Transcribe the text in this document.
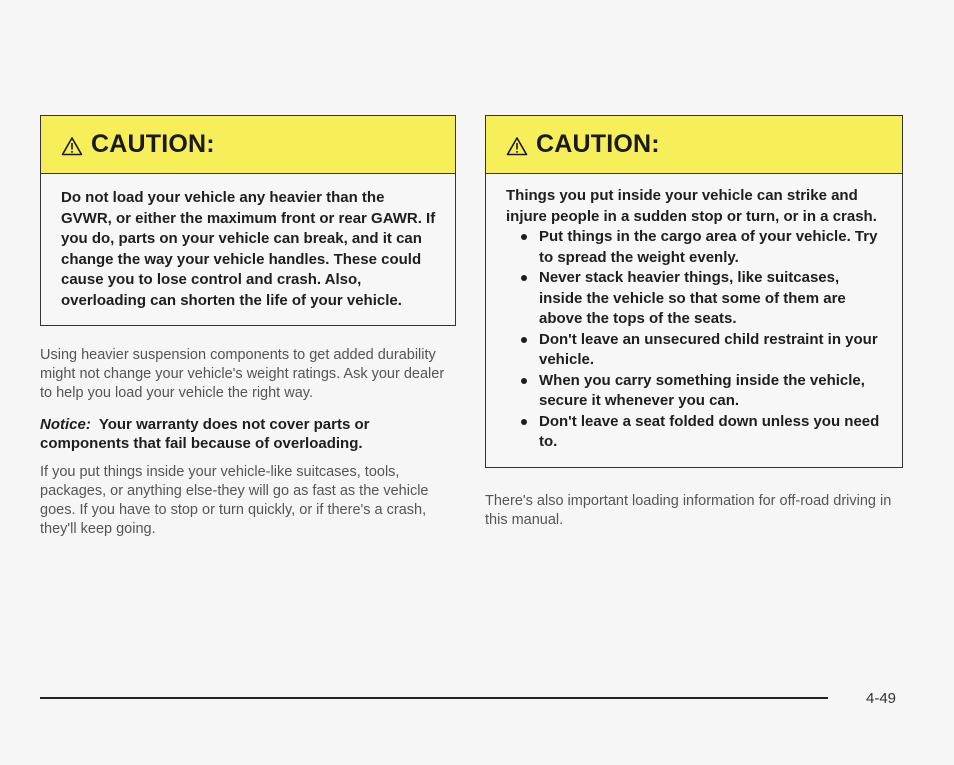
CAUTION:
Do not load your vehicle any heavier than the GVWR, or either the maximum front or rear GAWR. If you do, parts on your vehicle can break, and it can change the way your vehicle handles. These could cause you to lose control and crash. Also, overloading can shorten the life of your vehicle.

Using heavier suspension components to get added durability might not change your vehicle's weight ratings. Ask your dealer to help you load your vehicle the right way.

Notice: Your warranty does not cover parts or components that fail because of overloading.

If you put things inside your vehicle-like suitcases, tools, packages, or anything else-they will go as fast as the vehicle goes. If you have to stop or turn quickly, or if there's a crash, they'll keep going.

CAUTION:
Things you put inside your vehicle can strike and injure people in a sudden stop or turn, or in a crash.
Put things in the cargo area of your vehicle. Try to spread the weight evenly.
Never stack heavier things, like suitcases, inside the vehicle so that some of them are above the tops of the seats.
Don't leave an unsecured child restraint in your vehicle.
When you carry something inside the vehicle, secure it whenever you can.
Don't leave a seat folded down unless you need to.

There's also important loading information for off-road driving in this manual.

4-49
